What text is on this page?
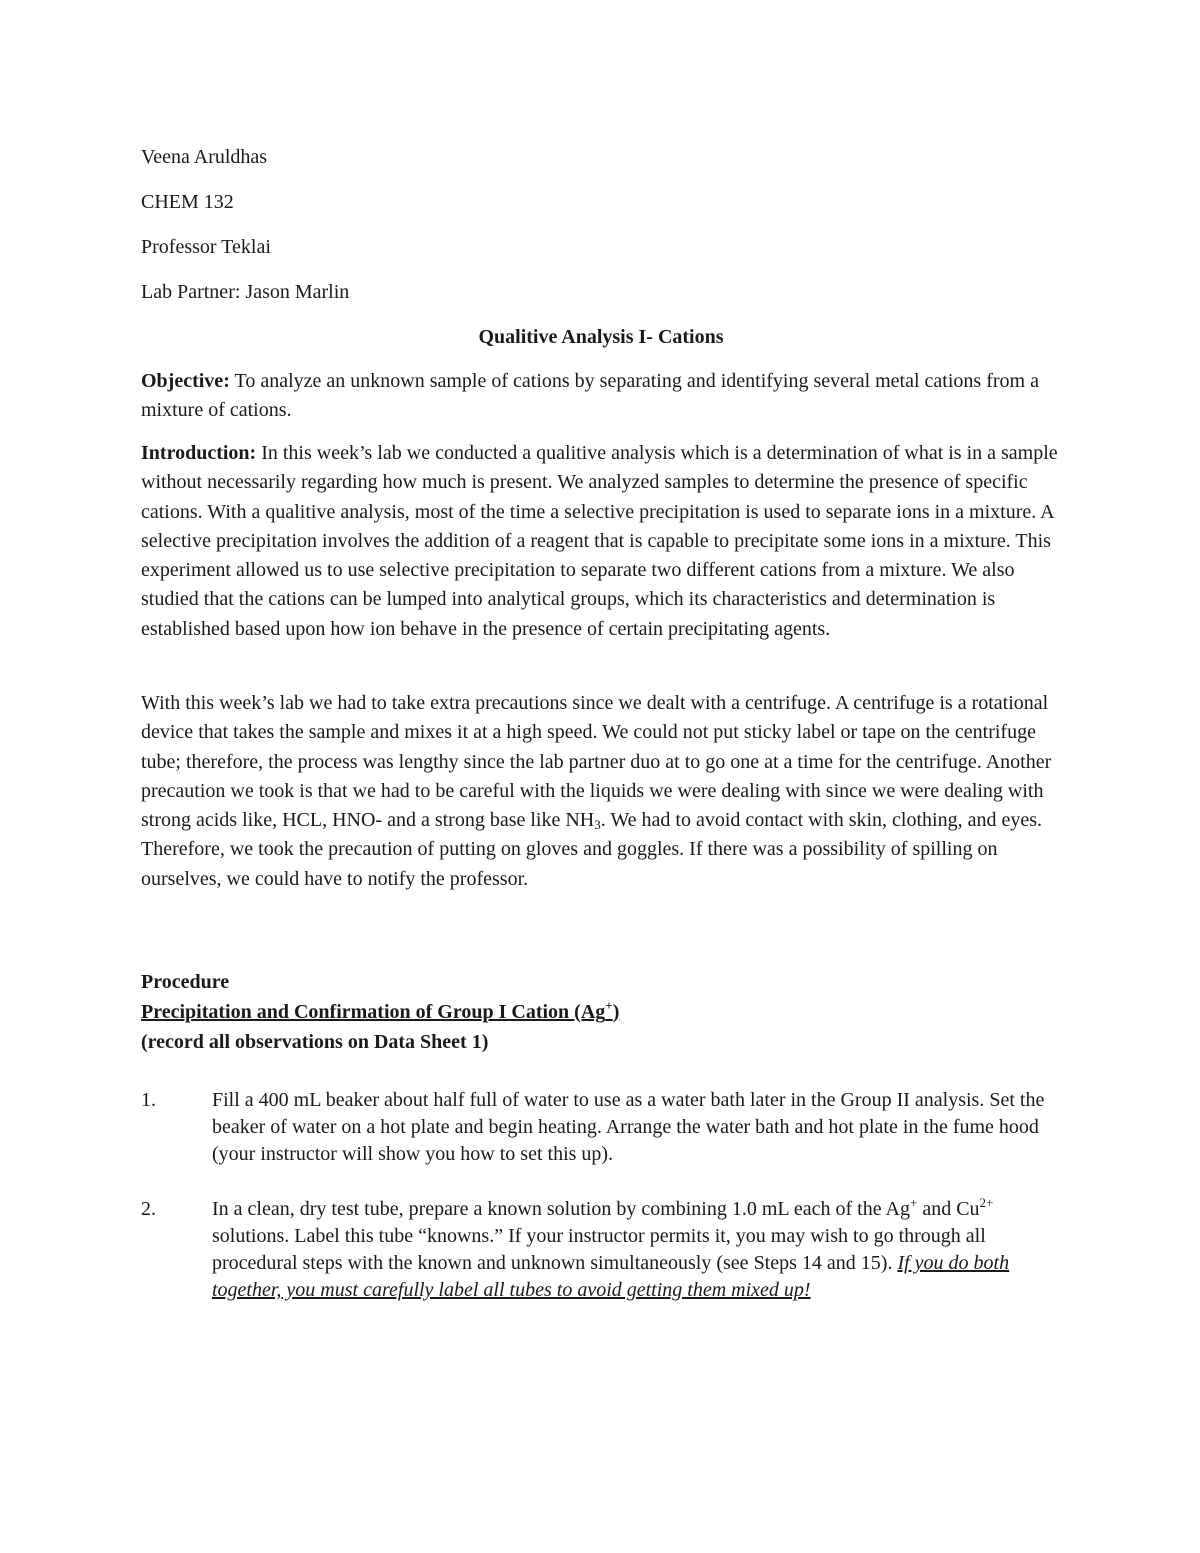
Veena Aruldhas
CHEM 132
Professor Teklai
Lab Partner: Jason Marlin
Qualitive Analysis I- Cations

Objective: To analyze an unknown sample of cations by separating and identifying several metal cations from a mixture of cations.

Introduction: In this week’s lab we conducted a qualitive analysis which is a determination of what is in a sample without necessarily regarding how much is present. We analyzed samples to determine the presence of specific cations. With a qualitive analysis, most of the time a selective precipitation is used to separate ions in a mixture. A selective precipitation involves the addition of a reagent that is capable to precipitate some ions in a mixture. This experiment allowed us to use selective precipitation to separate two different cations from a mixture. We also studied that the cations can be lumped into analytical groups, which its characteristics and determination is established based upon how ion behave in the presence of certain precipitating agents.

With this week’s lab we had to take extra precautions since we dealt with a centrifuge. A centrifuge is a rotational device that takes the sample and mixes it at a high speed. We could not put sticky label or tape on the centrifuge tube; therefore, the process was lengthy since the lab partner duo at to go one at a time for the centrifuge. Another precaution we took is that we had to be careful with the liquids we were dealing with since we were dealing with strong acids like, HCL, HNO- and a strong base like $NH_3$. We had to avoid contact with skin, clothing, and eyes. Therefore, we took the precaution of putting on gloves and goggles. If there was a possibility of spilling on ourselves, we could have to notify the professor.

Procedure
Precipitation and Confirmation of Group I Cation (Ag+)
(record all observations on Data Sheet 1)
1.	Fill a 400 mL beaker about half full of water to use as a water bath later in the Group II analysis. Set the beaker of water on a hot plate and begin heating. Arrange the water bath and hot plate in the fume hood (your instructor will show you how to set this up).

2.	In a clean, dry test tube, prepare a known solution by combining 1.0 mL each of the Ag+ and $Cu^{2+}$ solutions. Label this tube “knowns.” If your instructor permits it, you may wish to go through all procedural steps with the known and unknown simultaneously (see Steps 14 and 15). If you do both together, you must carefully label all tubes to avoid getting them mixed up!
